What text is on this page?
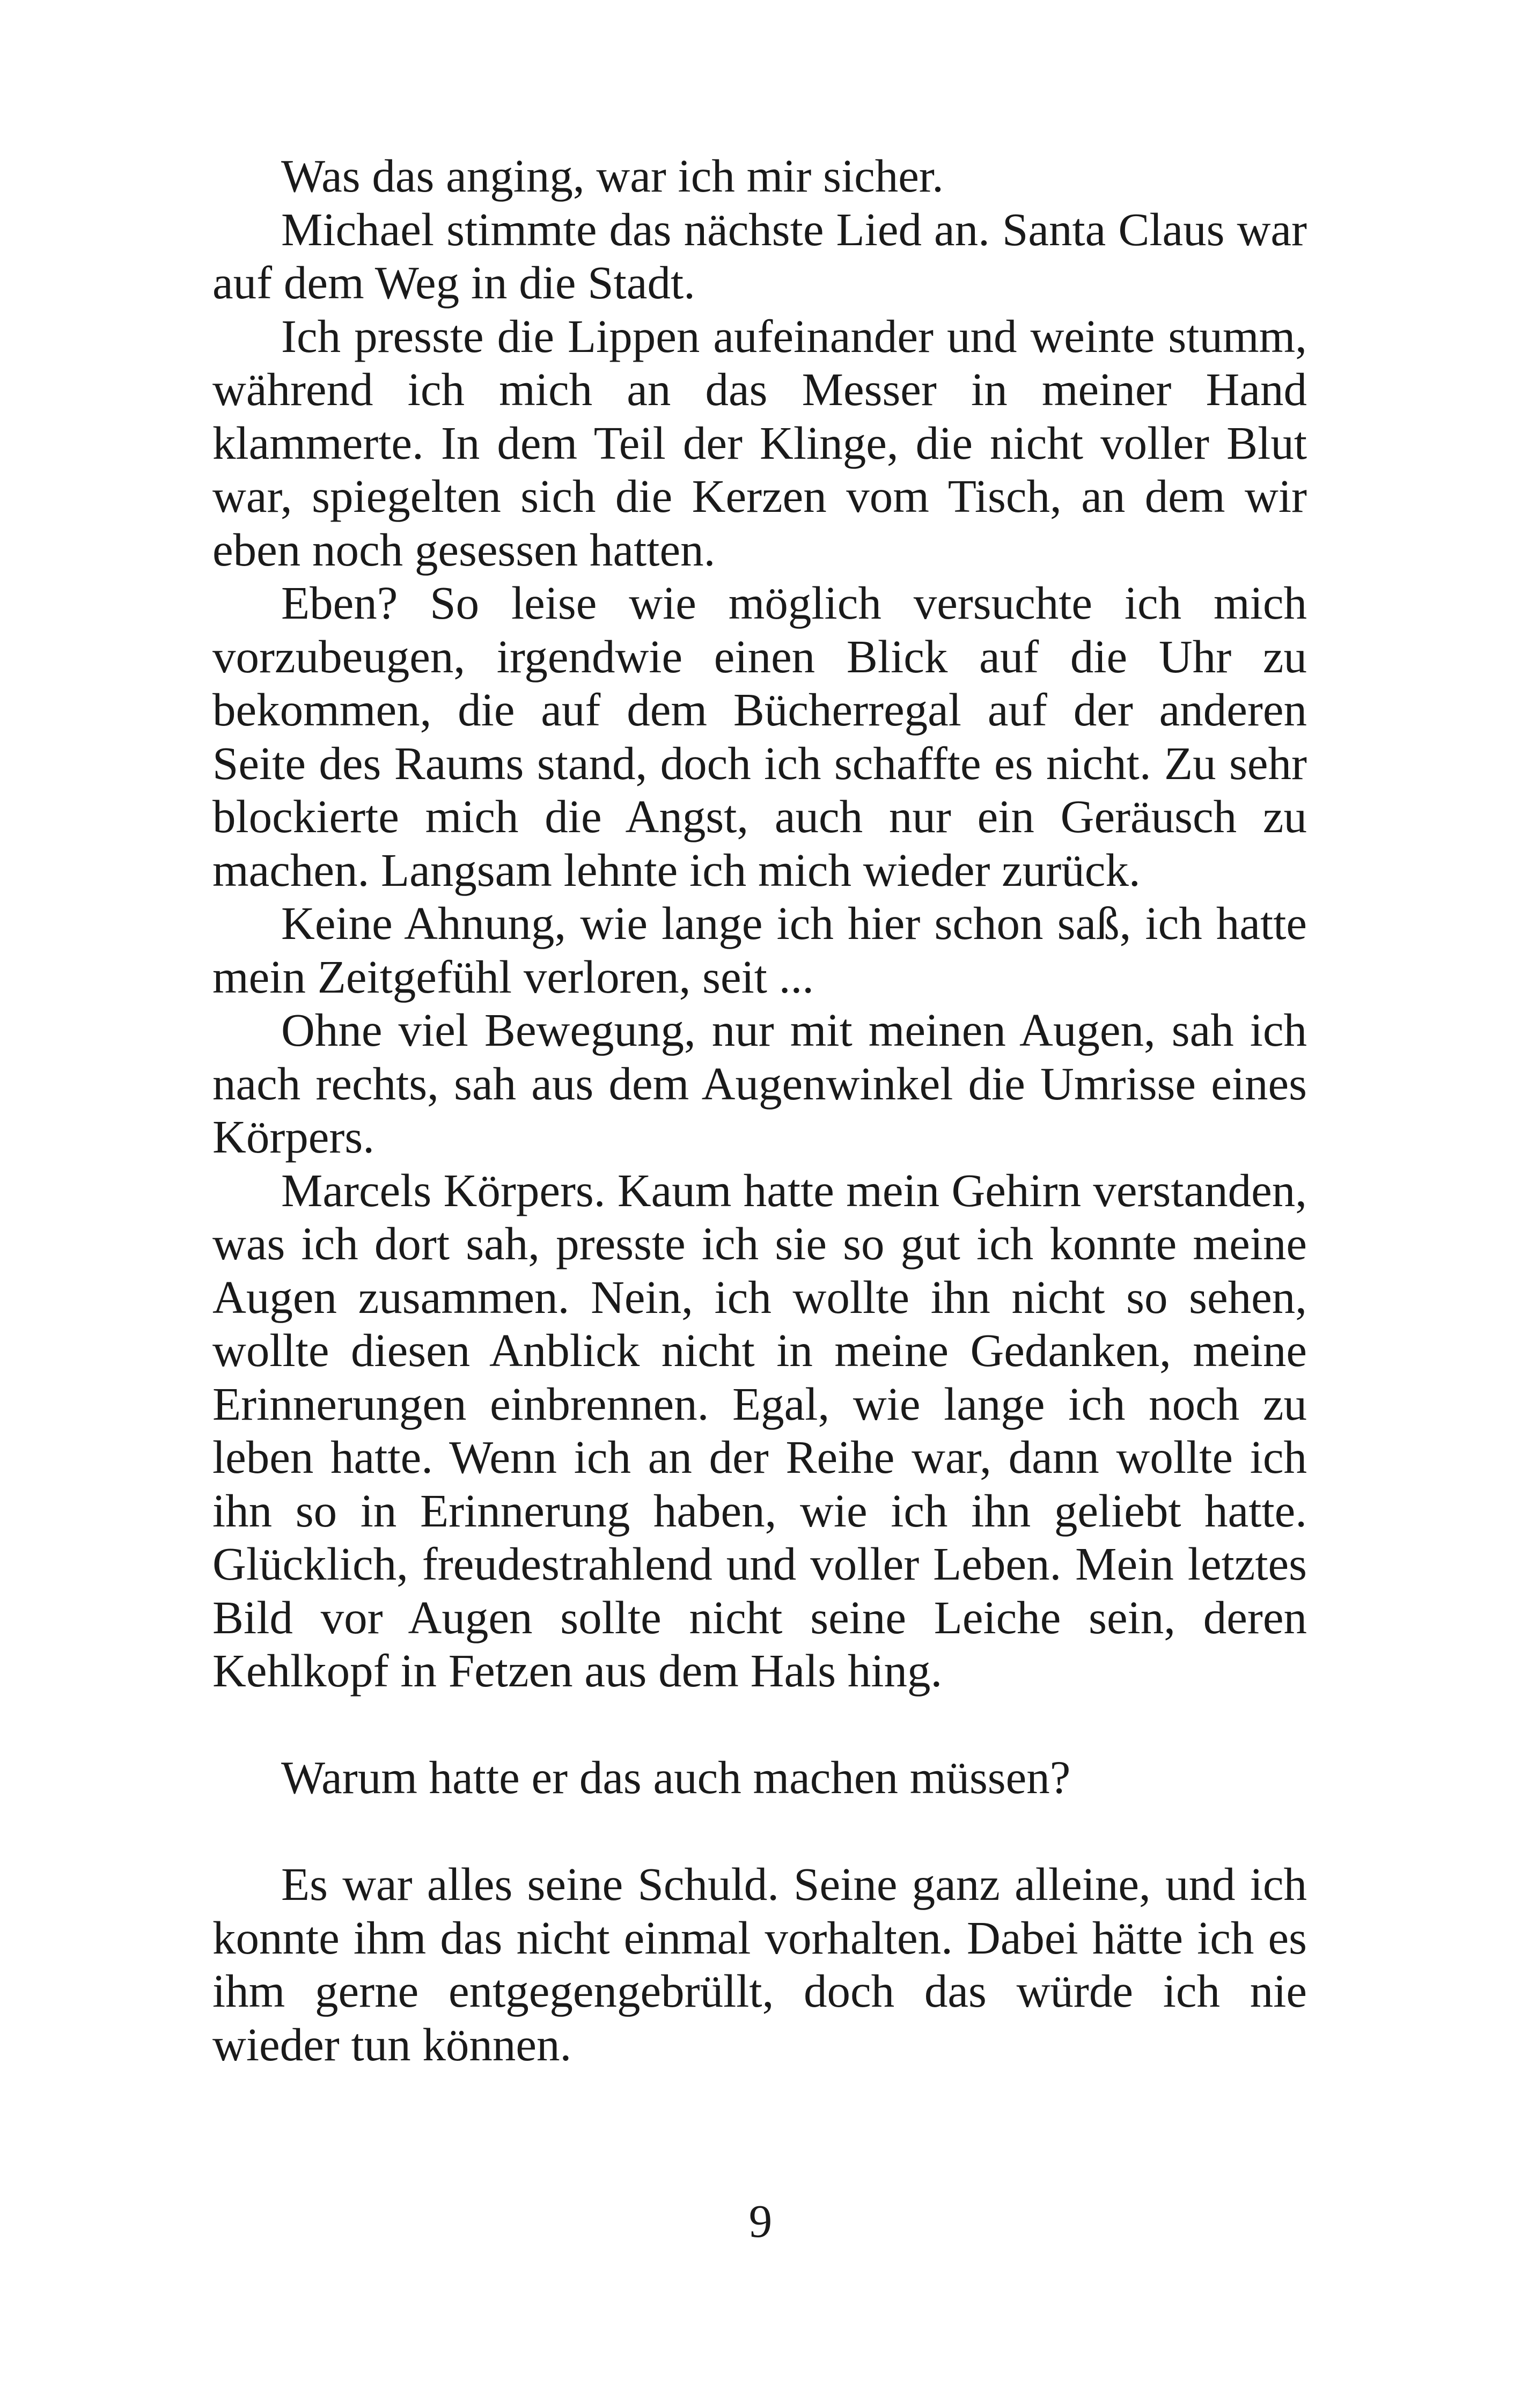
Was das anging, war ich mir sicher.

Michael stimmte das nächste Lied an. Santa Claus war auf dem Weg in die Stadt.

Ich presste die Lippen aufeinander und weinte stumm, während ich mich an das Messer in meiner Hand klammerte. In dem Teil der Klinge, die nicht voller Blut war, spiegelten sich die Kerzen vom Tisch, an dem wir eben noch gesessen hatten.

Eben? So leise wie möglich versuchte ich mich vorzubeugen, irgendwie einen Blick auf die Uhr zu bekommen, die auf dem Bücherregal auf der anderen Seite des Raums stand, doch ich schaffte es nicht. Zu sehr blockierte mich die Angst, auch nur ein Geräusch zu machen. Langsam lehnte ich mich wieder zurück.

Keine Ahnung, wie lange ich hier schon saß, ich hatte mein Zeitgefühl verloren, seit ...

Ohne viel Bewegung, nur mit meinen Augen, sah ich nach rechts, sah aus dem Augenwinkel die Umrisse eines Körpers.

Marcels Körpers. Kaum hatte mein Gehirn verstanden, was ich dort sah, presste ich sie so gut ich konnte meine Augen zusammen. Nein, ich wollte ihn nicht so sehen, wollte diesen Anblick nicht in meine Gedanken, meine Erinnerungen einbrennen. Egal, wie lange ich noch zu leben hatte. Wenn ich an der Reihe war, dann wollte ich ihn so in Erinnerung haben, wie ich ihn geliebt hatte. Glücklich, freudestrahlend und voller Leben. Mein letztes Bild vor Augen sollte nicht seine Leiche sein, deren Kehlkopf in Fetzen aus dem Hals hing.

Warum hatte er das auch machen müssen?

Es war alles seine Schuld. Seine ganz alleine, und ich konnte ihm das nicht einmal vorhalten. Dabei hätte ich es ihm gerne entgegengebrüllt, doch das würde ich nie wieder tun können.

9
